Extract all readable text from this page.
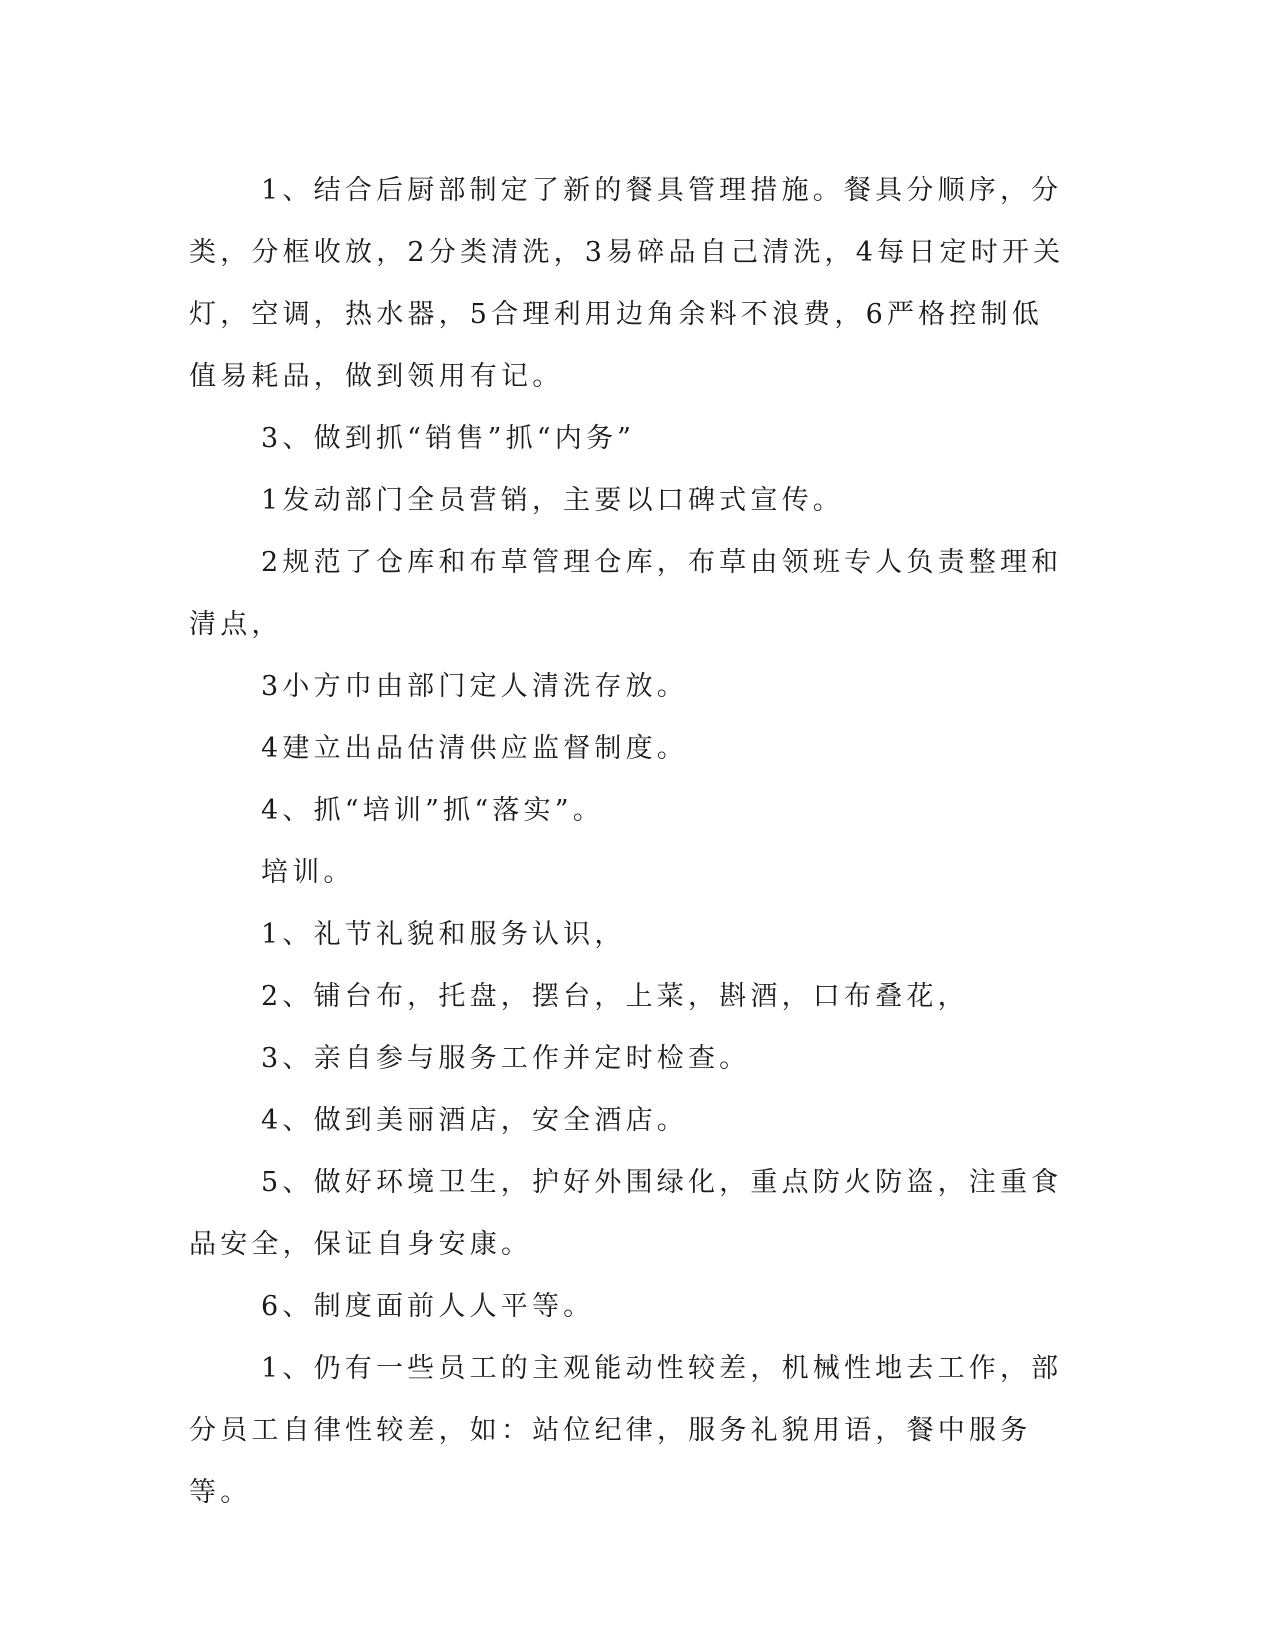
1、结合后厨部制定了新的餐具管理措施。餐具分顺序，分类，分框收放，2分类清洗，3易碎品自己清洗，4每日定时开关灯，空调，热水器，5合理利用边角余料不浪费，6严格控制低值易耗品，做到领用有记。

3、做到抓“销售”抓“内务”

1发动部门全员营销，主要以口碑式宣传。

2规范了仓库和布草管理仓库，布草由领班专人负责整理和清点，

3小方巾由部门定人清洗存放。

4建立出品估清供应监督制度。

4、抓“培训”抓“落实”。

培训。

1、礼节礼貌和服务认识，

2、铺台布，托盘，摆台，上菜，斟酒，口布叠花，

3、亲自参与服务工作并定时检查。

4、做到美丽酒店，安全酒店。

5、做好环境卫生，护好外围绿化，重点防火防盗，注重食品安全，保证自身安康。

6、制度面前人人平等。

1、仍有一些员工的主观能动性较差，机械性地去工作，部分员工自律性较差，如：站位纪律，服务礼貌用语，餐中服务等。
